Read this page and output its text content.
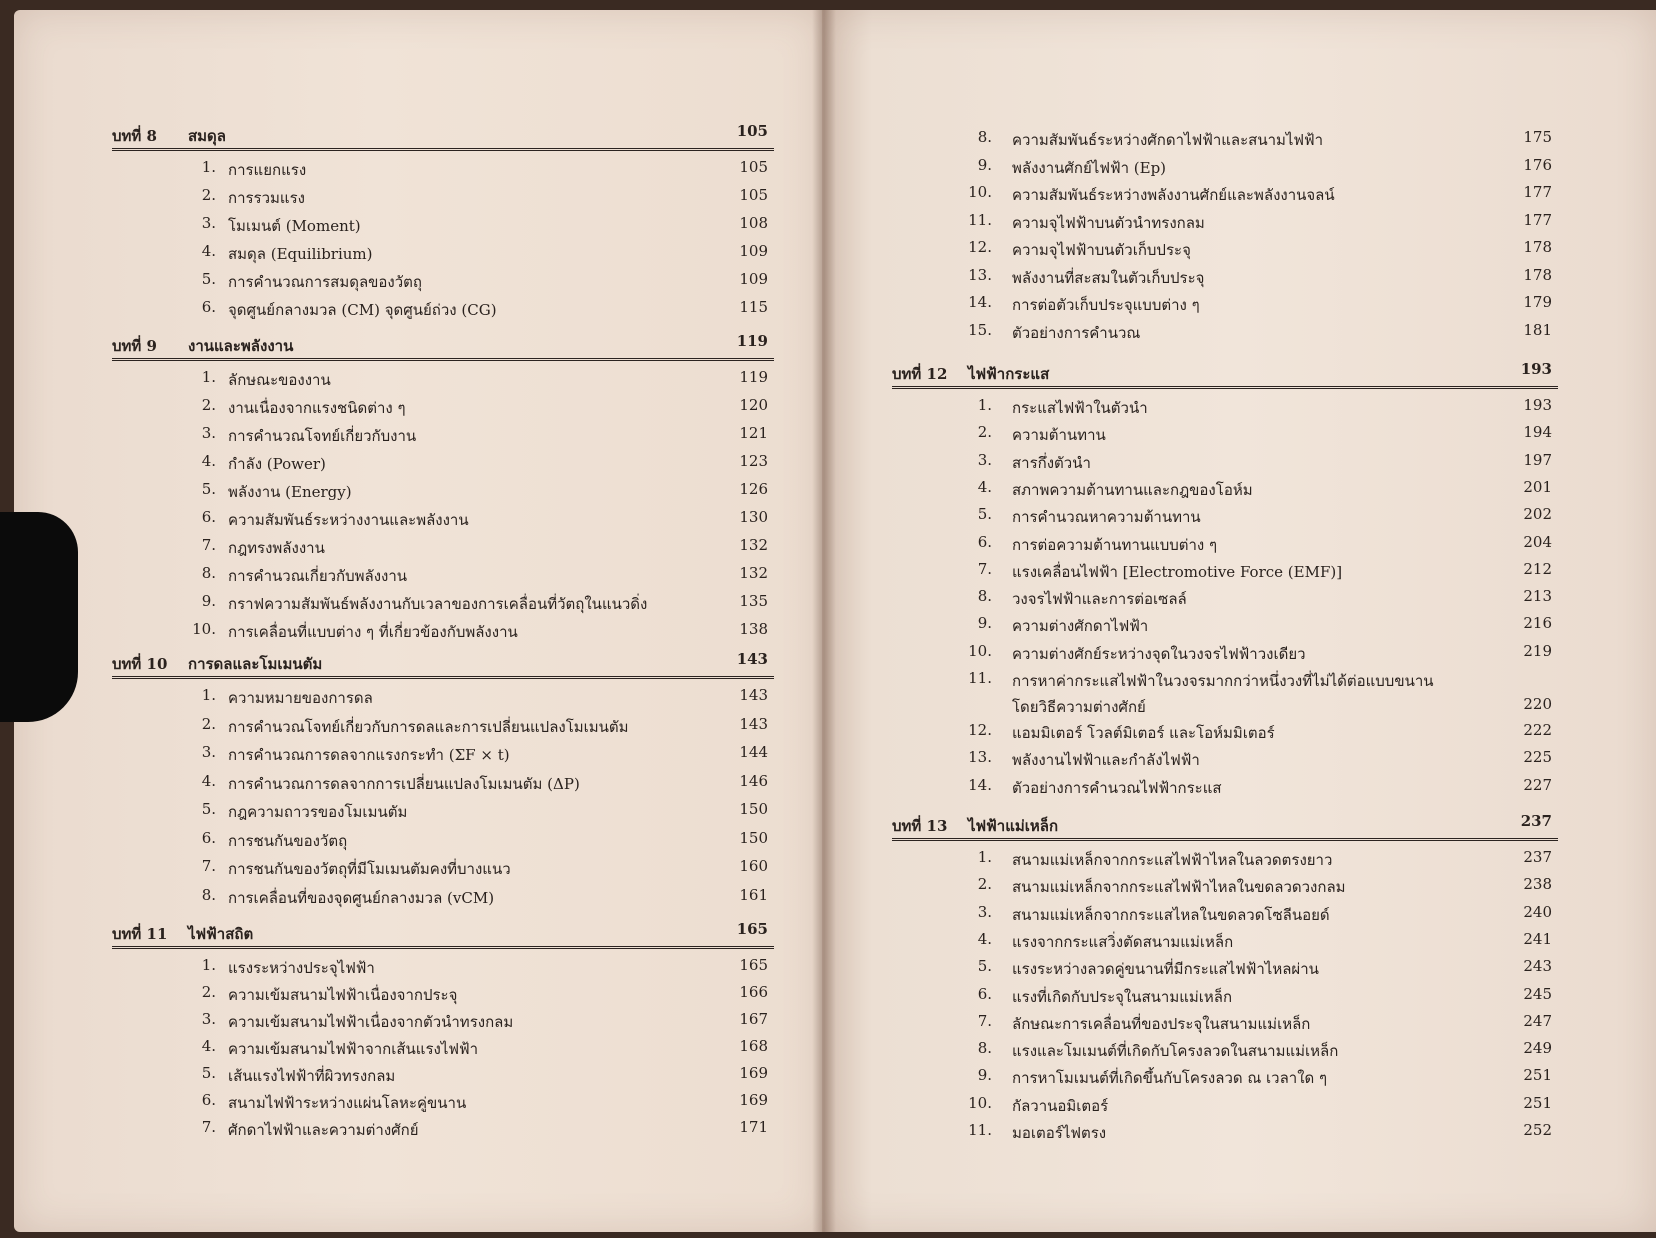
บทที่ 8 สมดุล	105
1. การแยกแรง	105
2. การรวมแรง	105
3. โมเมนต์ (Moment)	108
4. สมดุล (Equilibrium)	109
5. การคำนวณการสมดุลของวัตถุ	109
6. จุดศูนย์กลางมวล (CM) จุดศูนย์ถ่วง (CG)	115
บทที่ 9 งานและพลังงาน	119
1. ลักษณะของงาน	119
2. งานเนื่องจากแรงชนิดต่าง ๆ	120
3. การคำนวณโจทย์เกี่ยวกับงาน	121
4. กำลัง (Power)	123
5. พลังงาน (Energy)	126
6. ความสัมพันธ์ระหว่างงานและพลังงาน	130
7. กฎทรงพลังงาน	132
8. การคำนวณเกี่ยวกับพลังงาน	132
9. กราฟความสัมพันธ์พลังงานกับเวลาของการเคลื่อนที่วัตถุในแนวดิ่ง	135
10. การเคลื่อนที่แบบต่าง ๆ ที่เกี่ยวข้องกับพลังงาน	138
บทที่ 10 การดลและโมเมนตัม	143
1. ความหมายของการดล	143
2. การคำนวณโจทย์เกี่ยวกับการดลและการเปลี่ยนแปลงโมเมนตัม	143
3. การคำนวณการดลจากแรงกระทำ (ΣF × t)	144
4. การคำนวณการดลจากการเปลี่ยนแปลงโมเมนตัม (ΔP)	146
5. กฎความถาวรของโมเมนตัม	150
6. การชนกันของวัตถุ	150
7. การชนกันของวัตถุที่มีโมเมนตัมคงที่บางแนว	160
8. การเคลื่อนที่ของจุดศูนย์กลางมวล (vCM)	161
บทที่ 11 ไฟฟ้าสถิต	165
1. แรงระหว่างประจุไฟฟ้า	165
2. ความเข้มสนามไฟฟ้าเนื่องจากประจุ	166
3. ความเข้มสนามไฟฟ้าเนื่องจากตัวนำทรงกลม	167
4. ความเข้มสนามไฟฟ้าจากเส้นแรงไฟฟ้า	168
5. เส้นแรงไฟฟ้าที่ผิวทรงกลม	169
6. สนามไฟฟ้าระหว่างแผ่นโลหะคู่ขนาน	169
7. ศักดาไฟฟ้าและความต่างศักย์	171
8. ความสัมพันธ์ระหว่างศักดาไฟฟ้าและสนามไฟฟ้า	175
9. พลังงานศักย์ไฟฟ้า (Ep)	176
10. ความสัมพันธ์ระหว่างพลังงานศักย์และพลังงานจลน์	177
11. ความจุไฟฟ้าบนตัวนำทรงกลม	177
12. ความจุไฟฟ้าบนตัวเก็บประจุ	178
13. พลังงานที่สะสมในตัวเก็บประจุ	178
14. การต่อตัวเก็บประจุแบบต่าง ๆ	179
15. ตัวอย่างการคำนวณ	181
บทที่ 12 ไฟฟ้ากระแส	193
1. กระแสไฟฟ้าในตัวนำ	193
2. ความต้านทาน	194
3. สารกึ่งตัวนำ	197
4. สภาพความต้านทานและกฎของโอห์ม	201
5. การคำนวณหาความต้านทาน	202
6. การต่อความต้านทานแบบต่าง ๆ	204
7. แรงเคลื่อนไฟฟ้า [Electromotive Force (EMF)]	212
8. วงจรไฟฟ้าและการต่อเซลล์	213
9. ความต่างศักดาไฟฟ้า	216
10. ความต่างศักย์ระหว่างจุดในวงจรไฟฟ้าวงเดียว	219
11. การหาค่ากระแสไฟฟ้าในวงจรมากกว่าหนึ่งวงที่ไม่ได้ต่อแบบขนาน
โดยวิธีความต่างศักย์	220
12. แอมมิเตอร์ โวลต์มิเตอร์ และโอห์มมิเตอร์	222
13. พลังงานไฟฟ้าและกำลังไฟฟ้า	225
14. ตัวอย่างการคำนวณไฟฟ้ากระแส	227
บทที่ 13 ไฟฟ้าแม่เหล็ก	237
1. สนามแม่เหล็กจากกระแสไฟฟ้าไหลในลวดตรงยาว	237
2. สนามแม่เหล็กจากกระแสไฟฟ้าไหลในขดลวดวงกลม	238
3. สนามแม่เหล็กจากกระแสไหลในขดลวดโซลีนอยด์	240
4. แรงจากกระแสวิ่งตัดสนามแม่เหล็ก	241
5. แรงระหว่างลวดคู่ขนานที่มีกระแสไฟฟ้าไหลผ่าน	243
6. แรงที่เกิดกับประจุในสนามแม่เหล็ก	245
7. ลักษณะการเคลื่อนที่ของประจุในสนามแม่เหล็ก	247
8. แรงและโมเมนต์ที่เกิดกับโครงลวดในสนามแม่เหล็ก	249
9. การหาโมเมนต์ที่เกิดขึ้นกับโครงลวด ณ เวลาใด ๆ	251
10. กัลวานอมิเตอร์	251
11. มอเตอร์ไฟตรง	252
